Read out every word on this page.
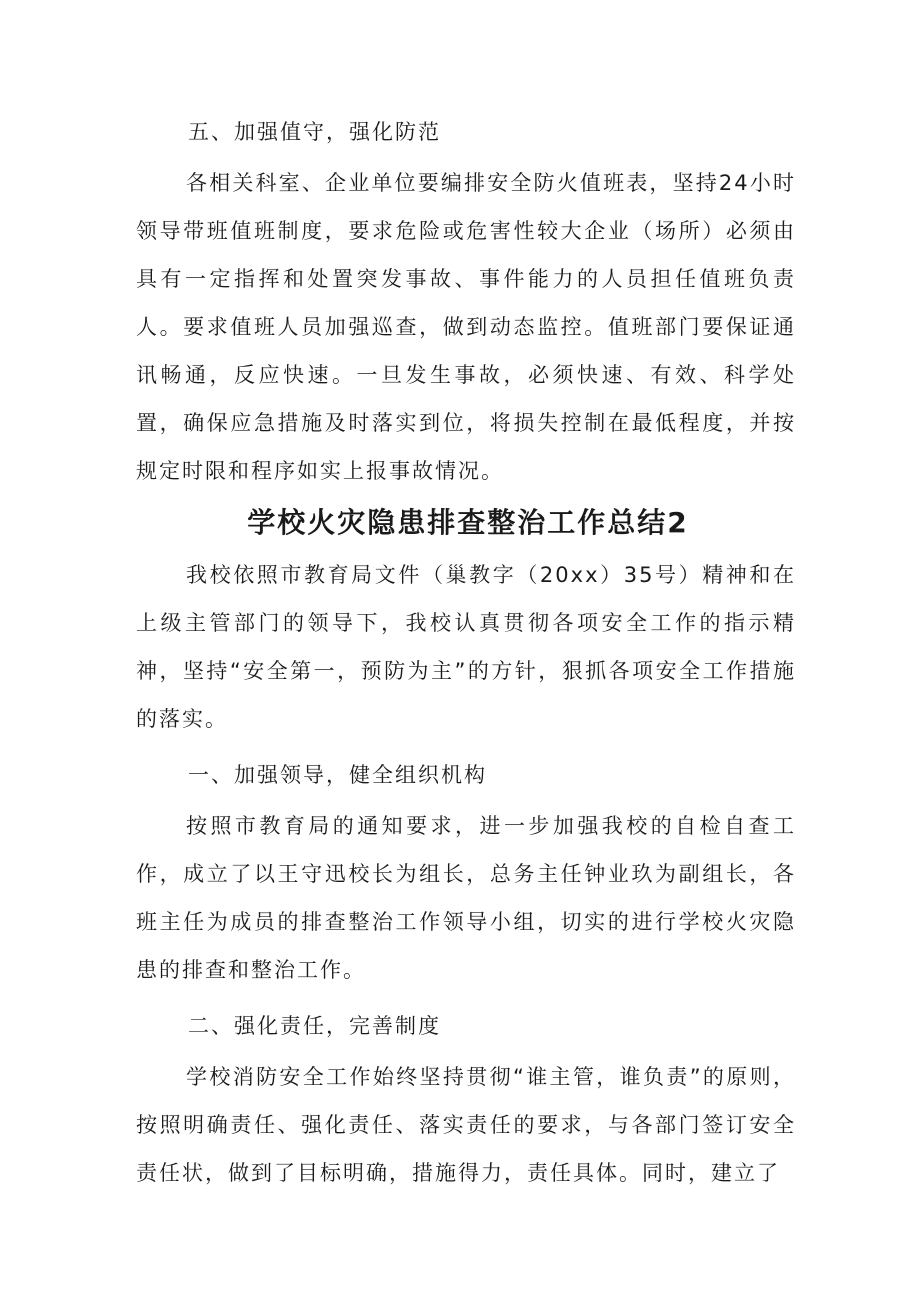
五、加强值守，强化防范

各相关科室、企业单位要编排安全防火值班表，坚持24小时领导带班值班制度，要求危险或危害性较大企业（场所）必须由具有一定指挥和处置突发事故、事件能力的人员担任值班负责人。要求值班人员加强巡查，做到动态监控。值班部门要保证通讯畅通，反应快速。一旦发生事故，必须快速、有效、科学处置，确保应急措施及时落实到位，将损失控制在最低程度，并按规定时限和程序如实上报事故情况。

学校火灾隐患排查整治工作总结2

我校依照市教育局文件（巢教字（20xx）35号）精神和在上级主管部门的领导下，我校认真贯彻各项安全工作的指示精神，坚持“安全第一，预防为主”的方针，狠抓各项安全工作措施的落实。

一、加强领导，健全组织机构

按照市教育局的通知要求，进一步加强我校的自检自查工作，成立了以王守迅校长为组长，总务主任钟业玖为副组长，各班主任为成员的排查整治工作领导小组，切实的进行学校火灾隐患的排查和整治工作。

二、强化责任，完善制度

学校消防安全工作始终坚持贯彻“谁主管，谁负责”的原则，按照明确责任、强化责任、落实责任的要求，与各部门签订安全责任状，做到了目标明确，措施得力，责任具体。同时，建立了
